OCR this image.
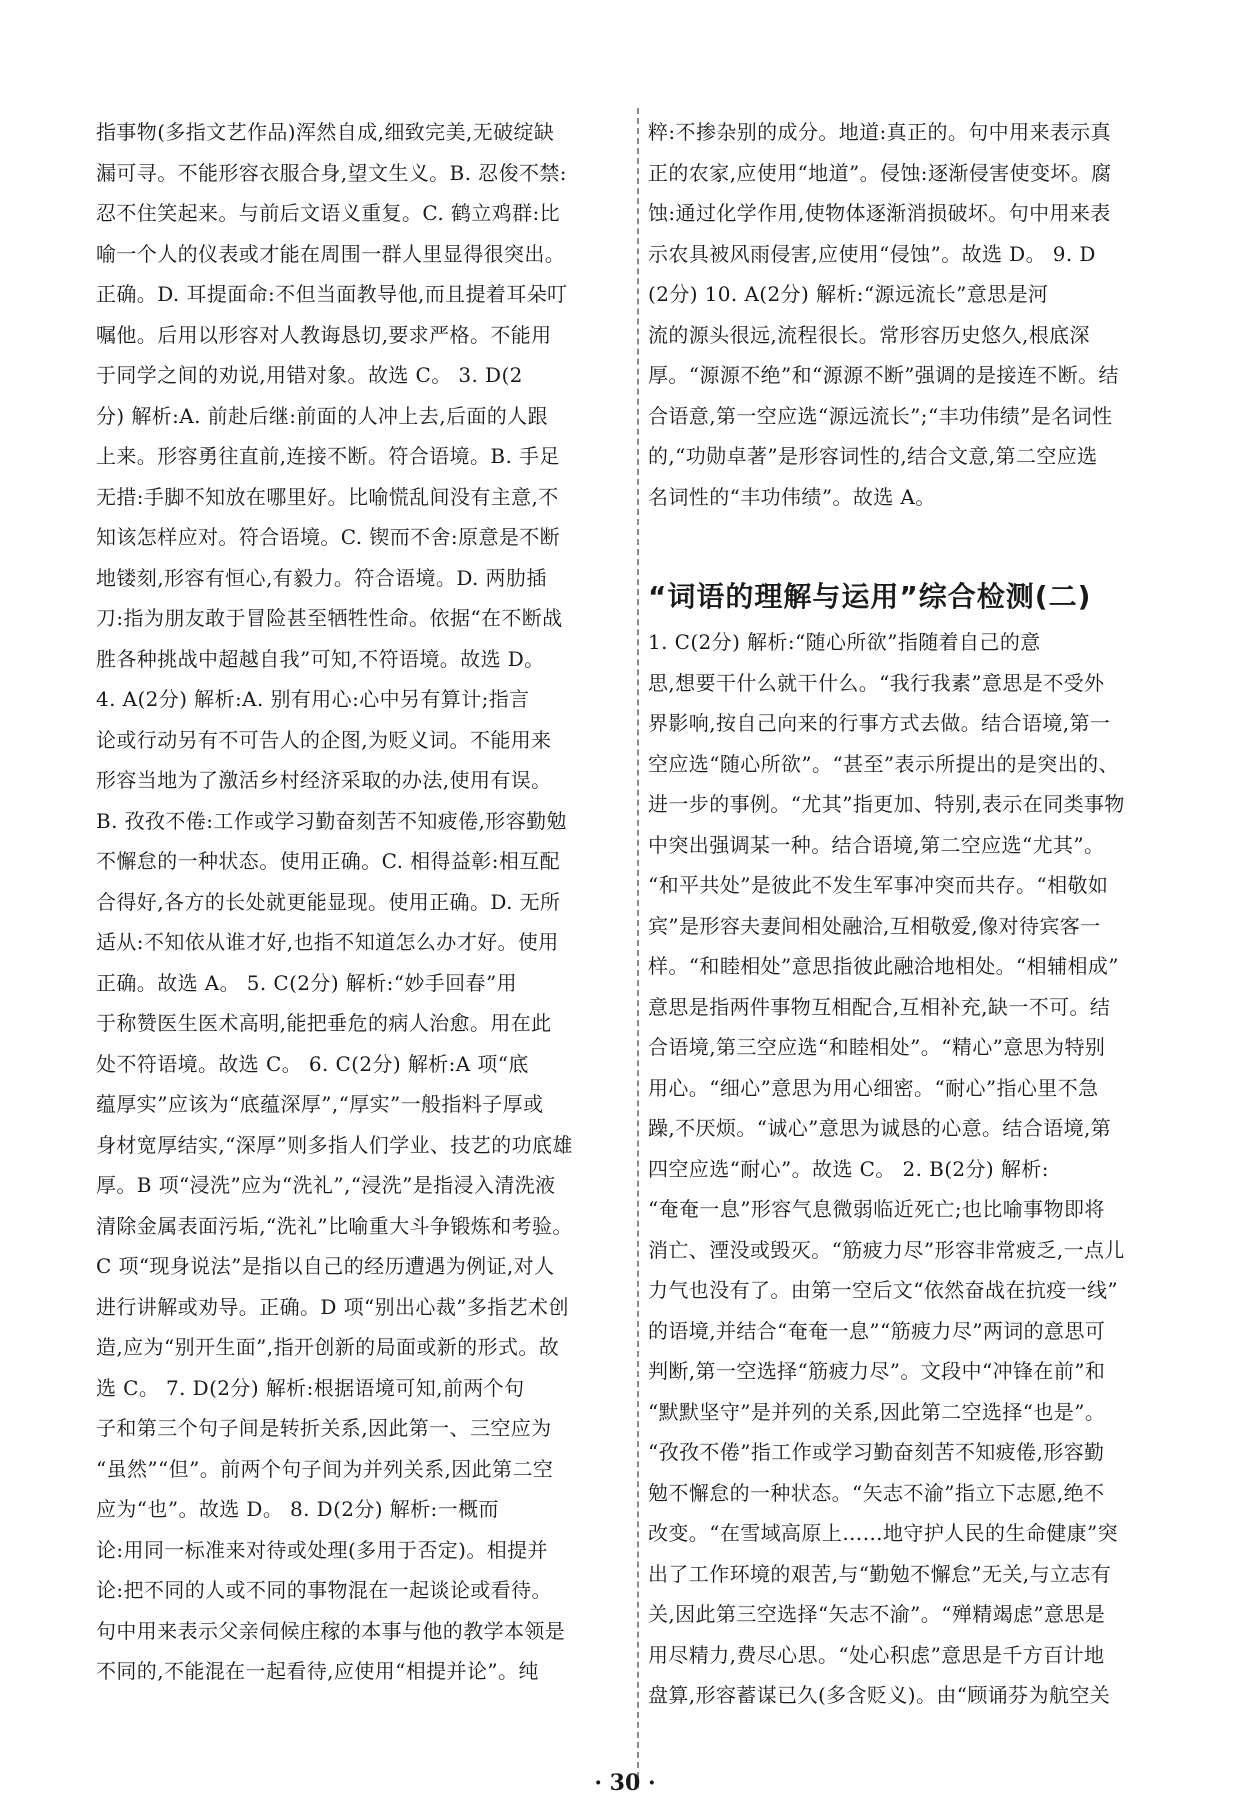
指事物(多指文艺作品)浑然自成,细致完美,无破绽缺
漏可寻。不能形容衣服合身,望文生义。B. 忍俊不禁:
忍不住笑起来。与前后文语义重复。C. 鹤立鸡群:比
喻一个人的仪表或才能在周围一群人里显得很突出。
正确。D. 耳提面命:不但当面教导他,而且提着耳朵叮
嘱他。后用以形容对人教诲恳切,要求严格。不能用
于同学之间的劝说,用错对象。故选 C。 3. D(2
分) 解析:A. 前赴后继:前面的人冲上去,后面的人跟
上来。形容勇往直前,连接不断。符合语境。B. 手足
无措:手脚不知放在哪里好。比喻慌乱间没有主意,不
知该怎样应对。符合语境。C. 锲而不舍:原意是不断
地镂刻,形容有恒心,有毅力。符合语境。D. 两肋插
刀:指为朋友敢于冒险甚至牺牲性命。依据“在不断战
胜各种挑战中超越自我”可知,不符语境。故选 D。
4. A(2分) 解析:A. 别有用心:心中另有算计;指言
论或行动另有不可告人的企图,为贬义词。不能用来
形容当地为了激活乡村经济采取的办法,使用有误。
B. 孜孜不倦:工作或学习勤奋刻苦不知疲倦,形容勤勉
不懈怠的一种状态。使用正确。C. 相得益彰:相互配
合得好,各方的长处就更能显现。使用正确。D. 无所
适从:不知依从谁才好,也指不知道怎么办才好。使用
正确。故选 A。 5. C(2分) 解析:“妙手回春”用
于称赞医生医术高明,能把垂危的病人治愈。用在此
处不符语境。故选 C。 6. C(2分) 解析:A 项“底
蕴厚实”应该为“底蕴深厚”,“厚实”一般指料子厚或
身材宽厚结实,“深厚”则多指人们学业、技艺的功底雄
厚。B 项“浸洗”应为“洗礼”,“浸洗”是指浸入清洗液
清除金属表面污垢,“洗礼”比喻重大斗争锻炼和考验。
C 项“现身说法”是指以自己的经历遭遇为例证,对人
进行讲解或劝导。正确。D 项“别出心裁”多指艺术创
造,应为“别开生面”,指开创新的局面或新的形式。故
选 C。 7. D(2分) 解析:根据语境可知,前两个句
子和第三个句子间是转折关系,因此第一、三空应为
“虽然”“但”。前两个句子间为并列关系,因此第二空
应为“也”。故选 D。 8. D(2分) 解析:一概而
论:用同一标准来对待或处理(多用于否定)。相提并
论:把不同的人或不同的事物混在一起谈论或看待。
句中用来表示父亲伺候庄稼的本事与他的教学本领是
不同的,不能混在一起看待,应使用“相提并论”。纯
粹:不掺杂别的成分。地道:真正的。句中用来表示真
正的农家,应使用“地道”。侵蚀:逐渐侵害使变坏。腐
蚀:通过化学作用,使物体逐渐消损破坏。句中用来表
示农具被风雨侵害,应使用“侵蚀”。故选 D。 9. D
(2分) 10. A(2分) 解析:“源远流长”意思是河
流的源头很远,流程很长。常形容历史悠久,根底深
厚。“源源不绝”和“源源不断”强调的是接连不断。结
合语意,第一空应选“源远流长”;“丰功伟绩”是名词性
的,“功勋卓著”是形容词性的,结合文意,第二空应选
名词性的“丰功伟绩”。故选 A。
“词语的理解与运用”综合检测(二)
1. C(2分) 解析:“随心所欲”指随着自己的意
思,想要干什么就干什么。“我行我素”意思是不受外
界影响,按自己向来的行事方式去做。结合语境,第一
空应选“随心所欲”。“甚至”表示所提出的是突出的、
进一步的事例。“尤其”指更加、特别,表示在同类事物
中突出强调某一种。结合语境,第二空应选“尤其”。
“和平共处”是彼此不发生军事冲突而共存。“相敬如
宾”是形容夫妻间相处融洽,互相敬爱,像对待宾客一
样。“和睦相处”意思指彼此融洽地相处。“相辅相成”
意思是指两件事物互相配合,互相补充,缺一不可。结
合语境,第三空应选“和睦相处”。“精心”意思为特别
用心。“细心”意思为用心细密。“耐心”指心里不急
躁,不厌烦。“诚心”意思为诚恳的心意。结合语境,第
四空应选“耐心”。故选 C。 2. B(2分) 解析:
“奄奄一息”形容气息微弱临近死亡;也比喻事物即将
消亡、湮没或毁灭。“筋疲力尽”形容非常疲乏,一点儿
力气也没有了。由第一空后文“依然奋战在抗疫一线”
的语境,并结合“奄奄一息”“筋疲力尽”两词的意思可
判断,第一空选择“筋疲力尽”。文段中“冲锋在前”和
“默默坚守”是并列的关系,因此第二空选择“也是”。
“孜孜不倦”指工作或学习勤奋刻苦不知疲倦,形容勤
勉不懈怠的一种状态。“矢志不渝”指立下志愿,绝不
改变。“在雪域高原上……地守护人民的生命健康”突
出了工作环境的艰苦,与“勤勉不懈怠”无关,与立志有
关,因此第三空选择“矢志不渝”。“殚精竭虑”意思是
用尽精力,费尽心思。“处心积虑”意思是千方百计地
盘算,形容蓄谋已久(多含贬义)。由“顾诵芬为航空关
· 30 ·
